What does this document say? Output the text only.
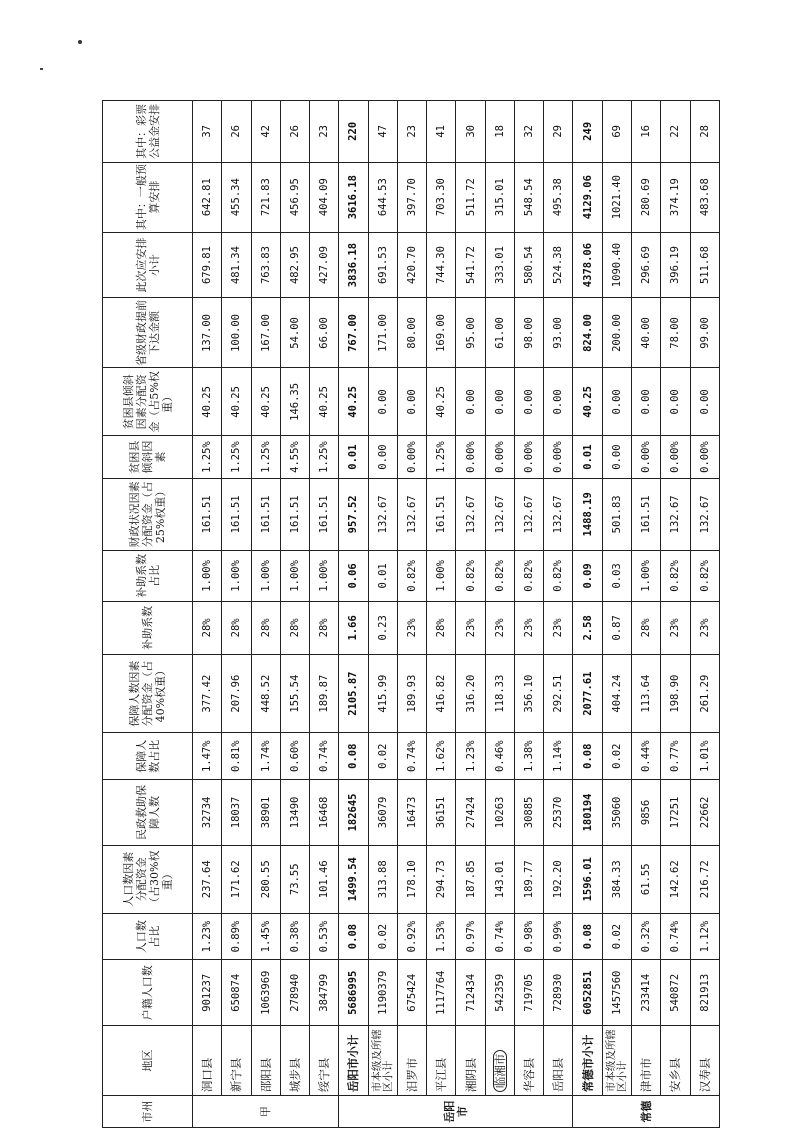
市州	地区	户籍人口数	人口数占比	人口数因素分配资金（占30%权重）	民政救助保障人数	保障人数占比	保障人数因素分配资金（占40%权重）	补助系数	补助系数占比	财政状况因素分配资金（占25%权重）	贫困县倾斜因素	贫困县倾斜因素分配资金（占5%权重）	省级财政提前下达金额	此次应安排小计	其中：一般预算安排	其中：彩票公益金安排

甲	洞口县	901237	1.23%	237.64	32734	1.47%	377.42	28%	1.00%	161.51	1.25%	40.25	137.00	679.81	642.81	37
	新宁县	650874	0.89%	171.62	18037	0.81%	207.96	28%	1.00%	161.51	1.25%	40.25	100.00	481.34	455.34	26
	邵阳县	1063969	1.45%	280.55	38901	1.74%	448.52	28%	1.00%	161.51	1.25%	40.25	167.00	763.83	721.83	42
	城步县	278940	0.38%	73.55	13490	0.60%	155.54	28%	1.00%	161.51	4.55%	146.35	54.00	482.95	456.95	26
	绥宁县	384799	0.53%	101.46	16468	0.74%	189.87	28%	1.00%	161.51	1.25%	40.25	66.00	427.09	404.09	23

岳阳市	岳阳市小计	5686995	0.08	1499.54	182645	0.08	2105.87	1.66	0.06	957.52	0.01	40.25	767.00	3836.18	3616.18	220
	市本级及所辖区小计	1190379	0.02	313.88	36079	0.02	415.99	0.23	0.01	132.67	0.00	0.00	171.00	691.53	644.53	47
	汨罗市	675424	0.92%	178.10	16473	0.74%	189.93	23%	0.82%	132.67	0.00%	0.00	80.00	420.70	397.70	23
	平江县	1117764	1.53%	294.73	36151	1.62%	416.82	28%	1.00%	161.51	1.25%	40.25	169.00	744.30	703.30	41
	湘阴县	712434	0.97%	187.85	27424	1.23%	316.20	23%	0.82%	132.67	0.00%	0.00	95.00	541.72	511.72	30
	临湘市	542359	0.74%	143.01	10263	0.46%	118.33	23%	0.82%	132.67	0.00%	0.00	61.00	333.01	315.01	18
	华容县	719705	0.98%	189.77	30885	1.38%	356.10	23%	0.82%	132.67	0.00%	0.00	98.00	580.54	548.54	32
	岳阳县	728930	0.99%	192.20	25370	1.14%	292.51	23%	0.82%	132.67	0.00%	0.00	93.00	524.38	495.38	29

常德	常德市小计	6052851	0.08	1596.01	180194	0.08	2077.61	2.58	0.09	1488.19	0.01	40.25	824.00	4378.06	4129.06	249
	市本级及所辖区小计	1457560	0.02	384.33	35060	0.02	404.24	0.87	0.03	501.83	0.00	0.00	200.00	1090.40	1021.40	69
	津市市	233414	0.32%	61.55	9856	0.44%	113.64	28%	1.00%	161.51	0.00%	0.00	40.00	296.69	280.69	16
	安乡县	540872	0.74%	142.62	17251	0.77%	198.90	23%	0.82%	132.67	0.00%	0.00	78.00	396.19	374.19	22
	汉寿县	821913	1.12%	216.72	22662	1.01%	261.29	23%	0.82%	132.67	0.00%	0.00	99.00	511.68	483.68	28
